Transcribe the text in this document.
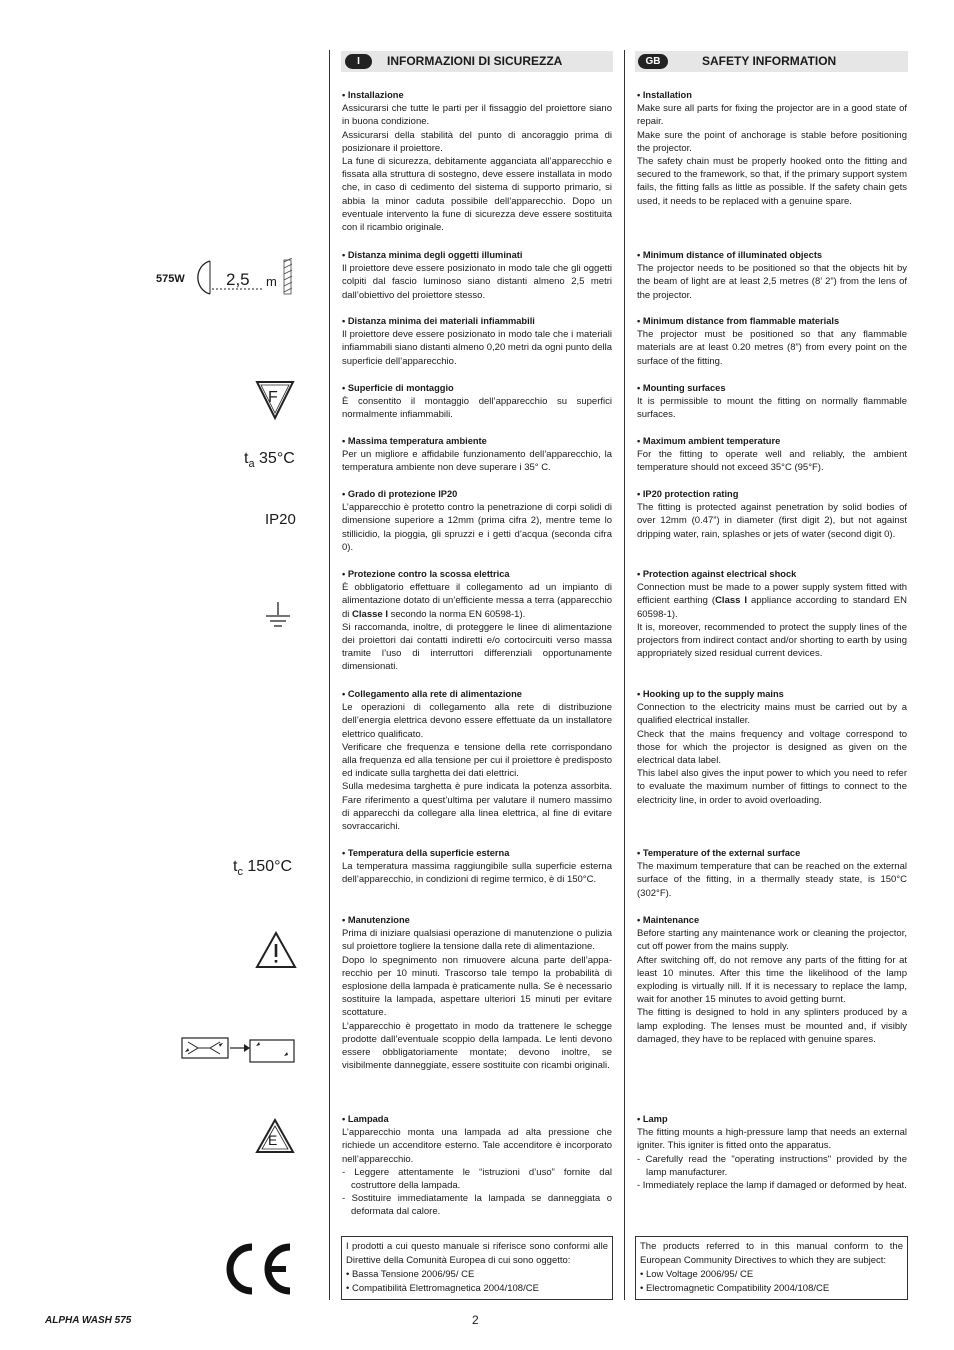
I	INFORMAZIONI DI SICUREZZA	GB	SAFETY INFORMATION
• Installazione

Assicurarsi che tutte le parti per il fissaggio del proiettore siano in buona condizione.

Assicurarsi della stabilità del punto di ancoraggio prima di posizionare il proiettore.

La fune di sicurezza, debitamente agganciata all’apparecchio e fissata alla struttura di sostegno, deve essere installata in modo che, in caso di cedimento del sistema di supporto primario, si abbia la minor caduta possibile dell’apparecchio. Dopo un eventuale intervento la fune di sicurezza deve essere sostituita con il ricambio originale.

• Distanza minima degli oggetti illuminati

Il proiettore deve essere posizionato in modo tale che gli oggetti colpiti dal fascio luminoso siano distanti almeno 2,5 metri dall’obiettivo del proiettore stesso.

• Distanza minima dei materiali infiammabili

Il proiettore deve essere posizionato in modo tale che i materiali infiammabili siano distanti almeno 0,20 metri da ogni punto della superficie dell’apparecchio.

• Superficie di montaggio

È consentito il montaggio dell’apparecchio su superfici normalmente infiammabili.

• Massima temperatura ambiente

Per un migliore e affidabile funzionamento dell’apparecchio, la temperatura ambiente non deve superare i 35° C.

• Grado di protezione IP20

L’apparecchio è protetto contro la penetrazione di corpi solidi di dimensione superiore a 12mm (prima cifra 2), mentre teme lo stillicidio, la pioggia, gli spruzzi e i getti d’acqua (seconda cifra 0).

• Protezione contro la scossa elettrica

È obbligatorio effettuare il collegamento ad un impianto di alimentazione dotato di un’efficiente messa a terra (apparecchio di Classe I secondo la norma EN 60598-1).

Si raccomanda, inoltre, di proteggere le linee di alimentazione dei proiettori dai contatti indiretti e/o cortocircuiti verso massa tramite l’uso di interruttori differenziali opportunamente dimensionati.

• Collegamento alla rete di alimentazione

Le operazioni di collegamento alla rete di distribuzione dell’energia elettrica devono essere effettuate da un installatore elettrico qualificato.

Verificare che frequenza e tensione della rete corrispondano alla frequenza ed alla tensione per cui il proiettore è predisposto ed indicate sulla targhetta dei dati elettrici.

Sulla medesima targhetta è pure indicata la potenza assorbita. Fare riferimento a quest’ultima per valutare il numero massimo di apparecchi da collegare alla linea elettrica, al fine di evitare sovraccarichi.

• Temperatura della superficie esterna

La temperatura massima raggiungibile sulla superficie esterna dell’apparecchio, in condizioni di regime termico, è di 150°C.

• Manutenzione

Prima di iniziare qualsiasi operazione di manutenzione o pulizia sul proiettore togliere la tensione dalla rete di alimentazione.

Dopo lo spegnimento non rimuovere alcuna parte dell’appa-recchio per 10 minuti. Trascorso tale tempo la probabilità di esplosione della lampada è praticamente nulla. Se è necessario sostituire la lampada, aspettare ulteriori 15 minuti per evitare scottature.

L’apparecchio è progettato in modo da trattenere le schegge prodotte dall’eventuale scoppio della lampada. Le lenti devono essere obbligatoriamente montate; devono inoltre, se visibilmente danneggiate, essere sostituite con ricambi originali.

• Lampada

L’apparecchio monta una lampada ad alta pressione che richiede un accenditore esterno. Tale accenditore è incorporato nell’apparecchio.

- Leggere attentamente le “istruzioni d’uso” fornite dal costruttore della lampada.
- Sostituire immediatamente la lampada se danneggiata o deformata dal calore.
• Installation

Make sure all parts for fixing the projector are in a good state of repair.

Make sure the point of anchorage is stable before positioning the projector.

The safety chain must be properly hooked onto the fitting and secured to the framework, so that, if the primary support system fails, the fitting falls as little as possible. If the safety chain gets used, it needs to be replaced with a genuine spare.

• Minimum distance of illuminated objects

The projector needs to be positioned so that the objects hit by the beam of light are at least 2,5 metres (8’ 2”) from the lens of the projector.

• Minimum distance from flammable materials

The projector must be positioned so that any flammable materials are at least 0.20 metres (8”) from every point on the surface of the fitting.

• Mounting surfaces

It is permissible to mount the fitting on normally flammable surfaces.

• Maximum ambient temperature

For the fitting to operate well and reliably, the ambient temperature should not exceed 35°C (95°F).

• IP20 protection rating

The fitting is protected against penetration by solid bodies of over 12mm (0.47”) in diameter (first digit 2), but not against dripping water, rain, splashes or jets of water (second digit 0).

• Protection against electrical shock

Connection must be made to a power supply system fitted with efficient earthing (Class I appliance according to standard EN 60598-1).

It is, moreover, recommended to protect the supply lines of the projectors from indirect contact and/or shorting to earth by using appropriately sized residual current devices.

• Hooking up to the supply mains

Connection to the electricity mains must be carried out by a qualified electrical installer.

Check that the mains frequency and voltage correspond to those for which the projector is designed as given on the electrical data label.

This label also gives the input power to which you need to refer to evaluate the maximum number of fittings to connect to the electricity line, in order to avoid overloading.

• Temperature of the external surface

The maximum temperature that can be reached on the external surface of the fitting, in a thermally steady state, is 150°C (302°F).

• Maintenance

Before starting any maintenance work or cleaning the projector, cut off power from the mains supply.

After switching off, do not remove any parts of the fitting for at least 10 minutes. After this time the likelihood of the lamp exploding is virtually nill. If it is necessary to replace the lamp, wait for another 15 minutes to avoid getting burnt.

The fitting is designed to hold in any splinters produced by a lamp exploding. The lenses must be mounted and, if visibly damaged, they have to be replaced with genuine spares.

• Lamp

The fitting mounts a high-pressure lamp that needs an external igniter. This igniter is fitted onto the apparatus.

- Carefully read the "operating instructions" provided by the lamp manufacturer.
- Immediately replace the lamp if damaged or deformed by heat.

I prodotti a cui questo manuale si riferisce sono conformi alle Direttive della Comunità Europea di cui sono oggetto:

• Bassa Tensione 2006/95/ CE
• Compatibilità Elettromagnetica 2004/108/CE

The products referred to in this manual conform to the European Community Directives to which they are subject:

• Low Voltage 2006/95/ CE
• Electromagnetic Compatibility 2004/108/CE
575W 2,5 m
F
$t_a$ 35°C
IP20
$t_c$ 150°C
E
ALPHA WASH 575	2
